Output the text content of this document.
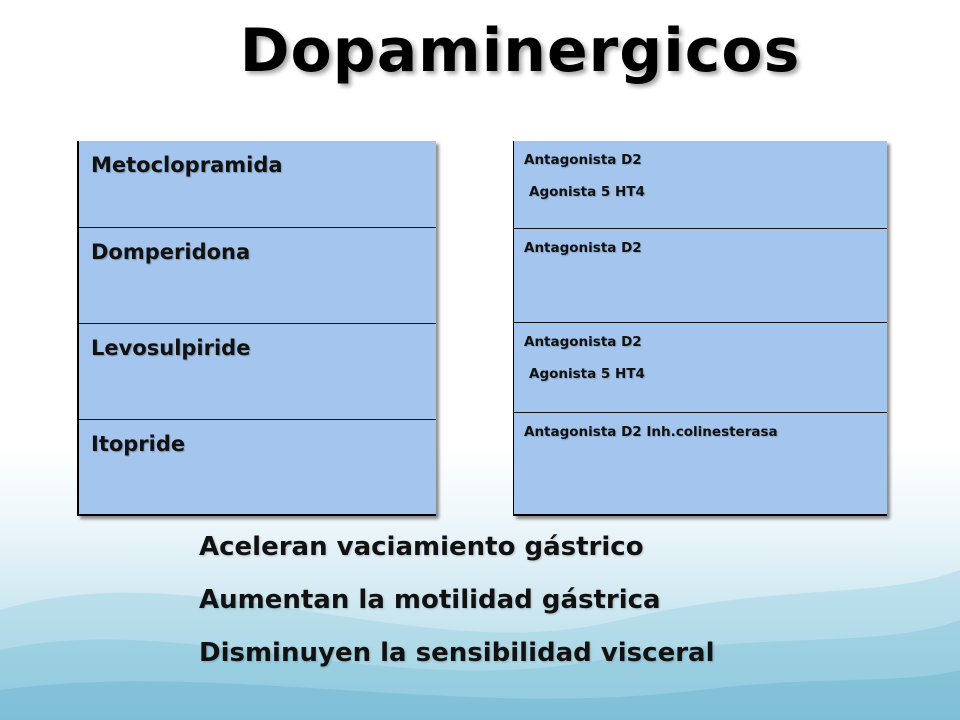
Dopaminergicos
Metoclopramida
Domperidona
Levosulpiride
Itopride
Antagonista D2
Agonista 5 HT4
Antagonista D2
Antagonista D2
Agonista 5 HT4
Antagonista D2 Inh.colinesterasa
Aceleran vaciamiento gástrico
Aumentan la motilidad gástrica
Disminuyen la sensibilidad visceral
